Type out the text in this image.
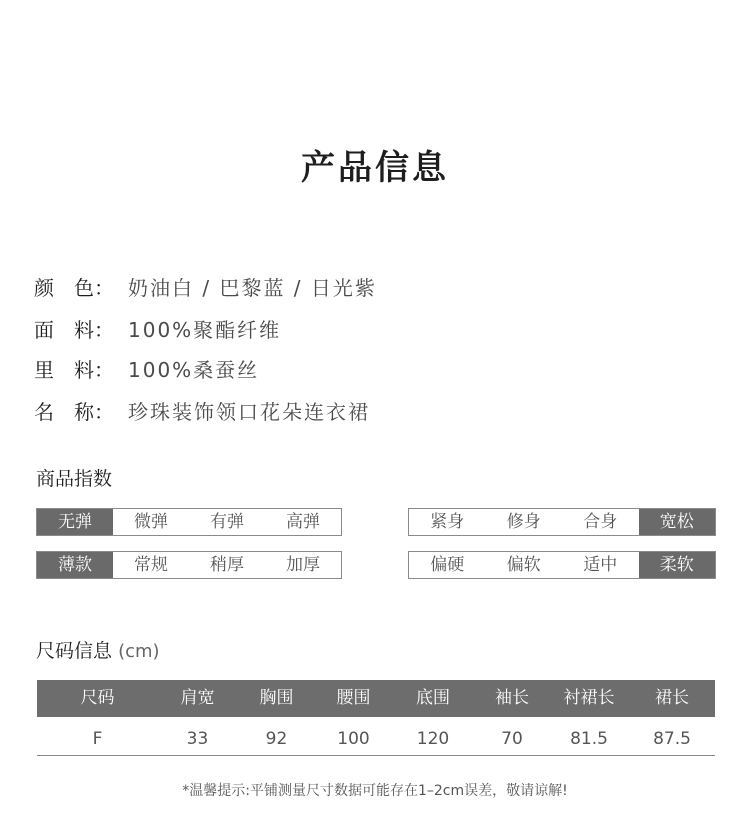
产品信息
颜　色： 奶油白 / 巴黎蓝 / 日光紫
面　料： 100%聚酯纤维
里　料： 100%桑蚕丝
名　称： 珍珠装饰领口花朵连衣裙
商品指数
无弹	微弹	有弹	高弹	紧身	修身	合身	宽松
薄款	常规	稍厚	加厚	偏硬	偏软	适中	柔软
尺码信息 (cm)
尺码	肩宽	胸围	腰围	底围	袖长	衬裙长	裙长
F	33	92	100	120	70	81.5	87.5
*温馨提示:平铺测量尺寸数据可能存在1–2cm误差，敬请谅解!
